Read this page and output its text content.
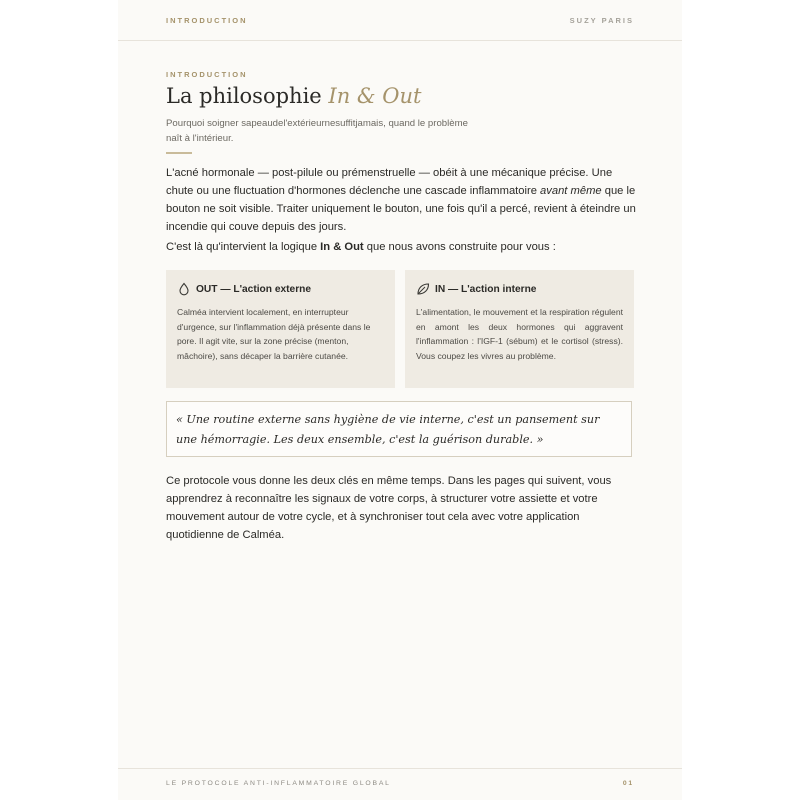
INTRODUCTION	SUZY PARIS
INTRODUCTION
La philosophie In & Out
Pourquoi soigner sapeaudel'extérieurnesuffitjamais, quand le problème naît à l'intérieur.

L'acné hormonale — post-pilule ou prémenstruelle — obéit à une mécanique précise. Une chute ou une fluctuation d'hormones déclenche une cascade inflammatoire avant même que le bouton ne soit visible. Traiter uniquement le bouton, une fois qu'il a percé, revient à éteindre un incendie qui couve depuis des jours.

C'est là qu'intervient la logique In & Out que nous avons construite pour vous :

OUT — L'action externe
Calméa intervient localement, en interrupteur d'urgence, sur l'inflammation déjà présente dans le pore. Il agit vite, sur la zone précise (menton, mâchoire), sans décaper la barrière cutanée.
IN — L'action interne
L'alimentation, le mouvement et la respiration régulent en amont les deux hormones qui aggravent l'inflammation : l'IGF-1 (sébum) et le cortisol (stress). Vous coupez les vivres au problème.
« Une routine externe sans hygiène de vie interne, c'est un pansement sur une hémorragie. Les deux ensemble, c'est la guérison durable. »

Ce protocole vous donne les deux clés en même temps. Dans les pages qui suivent, vous apprendrez à reconnaître les signaux de votre corps, à structurer votre assiette et votre mouvement autour de votre cycle, et à synchroniser tout cela avec votre application quotidienne de Calméa.

LE PROTOCOLE ANTI-INFLAMMATOIRE GLOBAL	01
